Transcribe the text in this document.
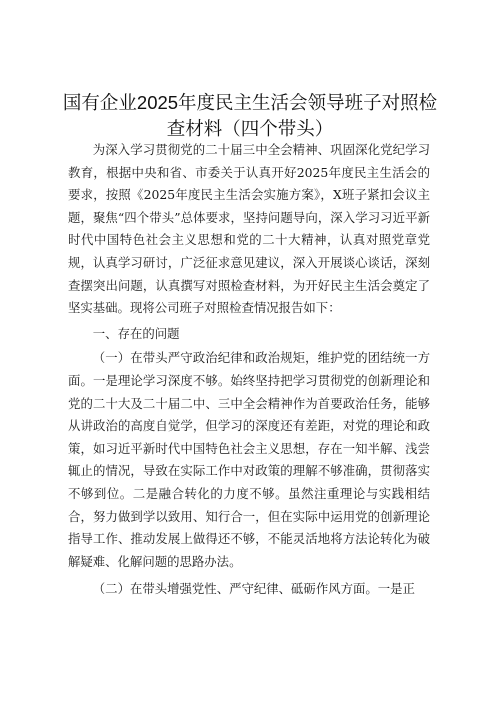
国有企业2025年度民主生活会领导班子对照检查材料（四个带头）

为深入学习贯彻党的二十届三中全会精神、巩固深化党纪学习教育，根据中央和省、市委关于认真开好2025年度民主生活会的要求，按照《2025年度民主生活会实施方案》，X班子紧扣会议主题，聚焦“四个带头”总体要求，坚持问题导向，深入学习习近平新时代中国特色社会主义思想和党的二十大精神，认真对照党章党规，认真学习研讨，广泛征求意见建议，深入开展谈心谈话，深刻查摆突出问题，认真撰写对照检查材料，为开好民主生活会奠定了坚实基础。现将公司班子对照检查情况报告如下：

一、存在的问题

（一）在带头严守政治纪律和政治规矩，维护党的团结统一方面。一是理论学习深度不够。始终坚持把学习贯彻党的创新理论和党的二十大及二十届二中、三中全会精神作为首要政治任务，能够从讲政治的高度自觉学，但学习的深度还有差距，对党的理论和政策，如习近平新时代中国特色社会主义思想，存在一知半解、浅尝辄止的情况，导致在实际工作中对政策的理解不够准确，贯彻落实不够到位。二是融合转化的力度不够。虽然注重理论与实践相结合，努力做到学以致用、知行合一，但在实际中运用党的创新理论指导工作、推动发展上做得还不够，不能灵活地将方法论转化为破解疑难、化解问题的思路办法。

（二）在带头增强党性、严守纪律、砥砺作风方面。一是正
